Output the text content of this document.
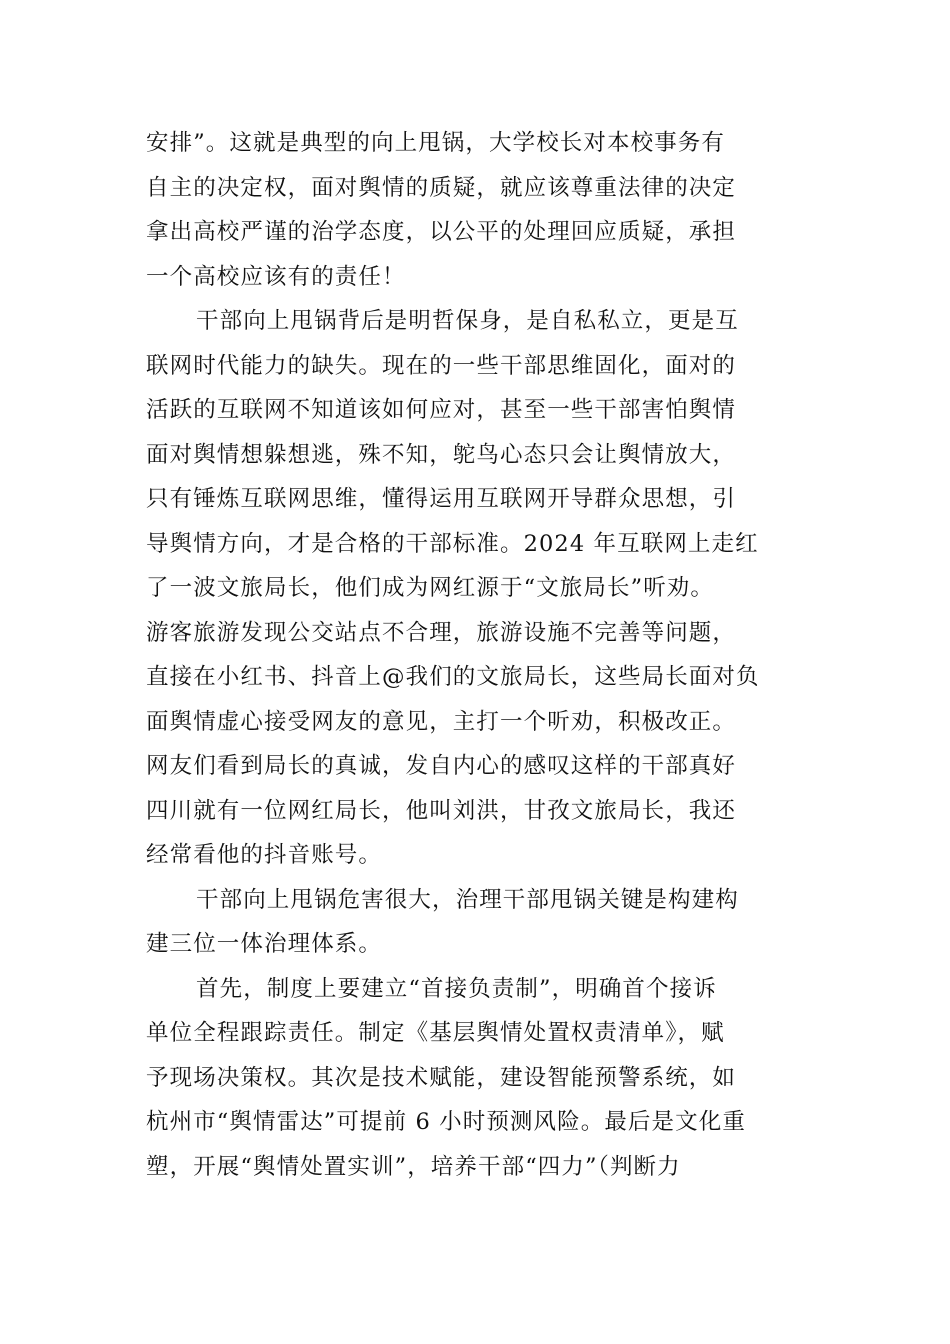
安排”。这就是典型的向上甩锅，大学校长对本校事务有
自主的决定权，面对舆情的质疑，就应该尊重法律的决定
拿出高校严谨的治学态度，以公平的处理回应质疑，承担
一个高校应该有的责任！
干部向上甩锅背后是明哲保身，是自私私立，更是互
联网时代能力的缺失。现在的一些干部思维固化，面对的
活跃的互联网不知道该如何应对，甚至一些干部害怕舆情
面对舆情想躲想逃，殊不知，鸵鸟心态只会让舆情放大，
只有锤炼互联网思维，懂得运用互联网开导群众思想，引
导舆情方向，才是合格的干部标准。2024 年互联网上走红
了一波文旅局长，他们成为网红源于“文旅局长”听劝。
游客旅游发现公交站点不合理，旅游设施不完善等问题，
直接在小红书、抖音上@我们的文旅局长，这些局长面对负
面舆情虚心接受网友的意见，主打一个听劝，积极改正。
网友们看到局长的真诚，发自内心的感叹这样的干部真好
四川就有一位网红局长，他叫刘洪，甘孜文旅局长，我还
经常看他的抖音账号。
干部向上甩锅危害很大，治理干部甩锅关键是构建构
建三位一体治理体系。
首先，制度上要建立“首接负责制”，明确首个接诉
单位全程跟踪责任。制定《基层舆情处置权责清单》，赋
予现场决策权。其次是技术赋能，建设智能预警系统，如
杭州市“舆情雷达”可提前 6 小时预测风险。最后是文化重
塑，开展“舆情处置实训”，培养干部“四力”（判断力
